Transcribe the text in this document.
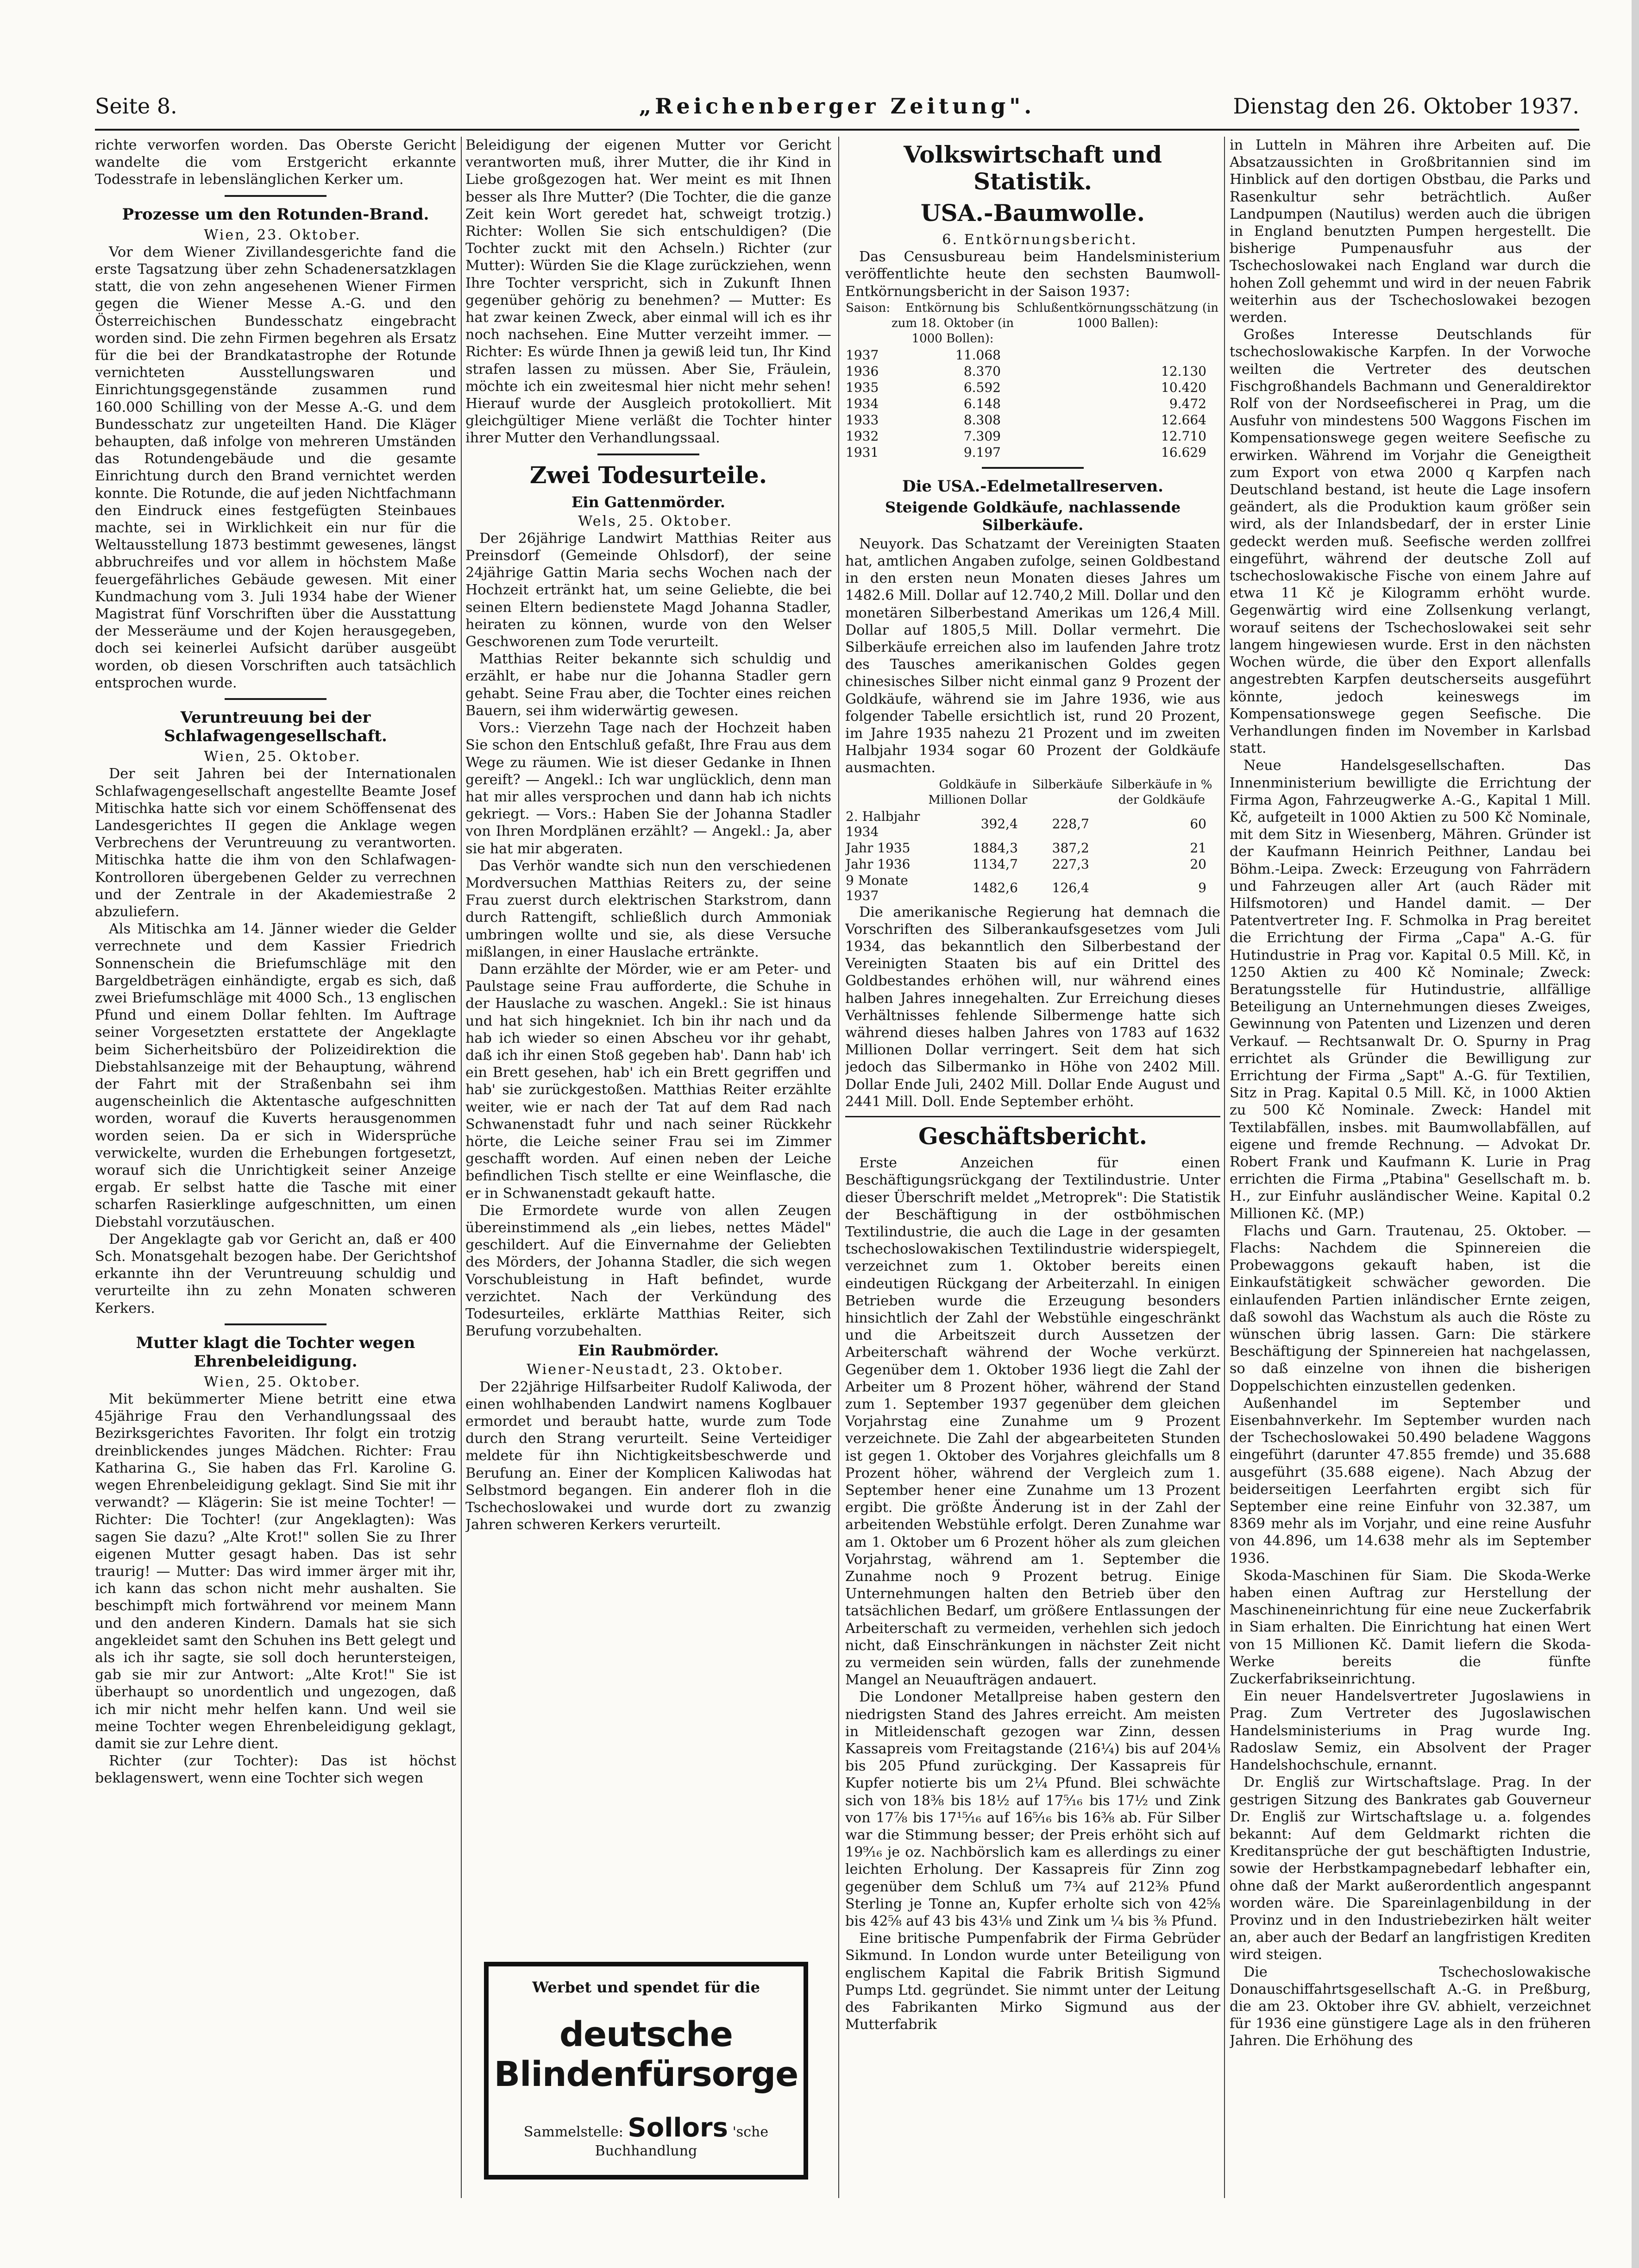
Seite 8.	„Reichenberger Zeitung".	Dienstag den 26. Oktober 1937.

richte verworfen worden. Das Oberste Gericht wandelte die vom Erstgericht erkannte Todesstrafe in lebenslänglichen Kerker um.

Prozesse um den Rotunden-Brand.

Wien, 23. Oktober.

Vor dem Wiener Zivillandesgerichte fand die erste Tagsatzung über zehn Schadenersatzklagen statt, die von zehn angesehenen Wiener Firmen gegen die Wiener Messe A.-G. und den Österreichischen Bundesschatz eingebracht worden sind. Die zehn Firmen begehren als Ersatz für die bei der Brandkatastrophe der Rotunde vernichteten Ausstellungswaren und Einrichtungsgegenstände zusammen rund 160.000 Schilling von der Messe A.-G. und dem Bundesschatz zur ungeteilten Hand. Die Kläger behaupten, daß infolge von mehreren Umständen das Rotundengebäude und die gesamte Einrichtung durch den Brand vernichtet werden konnte. Die Rotunde, die auf jeden Nichtfachmann den Eindruck eines festgefügten Steinbaues machte, sei in Wirklichkeit ein nur für die Weltausstellung 1873 bestimmt gewesenes, längst abbruchreifes und vor allem in höchstem Maße feuergefährliches Gebäude gewesen. Mit einer Kundmachung vom 3. Juli 1934 habe der Wiener Magistrat fünf Vorschriften über die Ausstattung der Messeräume und der Kojen herausgegeben, doch sei keinerlei Aufsicht darüber ausgeübt worden, ob diesen Vorschriften auch tatsächlich entsprochen wurde.

Veruntreuung bei der Schlafwagengesellschaft.

Wien, 25. Oktober.

Der seit Jahren bei der Internationalen Schlafwagengesellschaft angestellte Beamte Josef Mitischka hatte sich vor einem Schöffensenat des Landesgerichtes II gegen die Anklage wegen Verbrechens der Veruntreuung zu verantworten. Mitischka hatte die ihm von den Schlafwagen-Kontrolloren übergebenen Gelder zu verrechnen und der Zentrale in der Akademiestraße 2 abzuliefern.

Als Mitischka am 14. Jänner wieder die Gelder verrechnete und dem Kassier Friedrich Sonnenschein die Briefumschläge mit den Bargeldbeträgen einhändigte, ergab es sich, daß zwei Briefumschläge mit 4000 Sch., 13 englischen Pfund und einem Dollar fehlten. Im Auftrage seiner Vorgesetzten erstattete der Angeklagte beim Sicherheitsbüro der Polizeidirektion die Diebstahlsanzeige mit der Behauptung, während der Fahrt mit der Straßenbahn sei ihm augenscheinlich die Aktentasche aufgeschnitten worden, worauf die Kuverts herausgenommen worden seien. Da er sich in Widersprüche verwickelte, wurden die Erhebungen fortgesetzt, worauf sich die Unrichtigkeit seiner Anzeige ergab. Er selbst hatte die Tasche mit einer scharfen Rasierklinge aufgeschnitten, um einen Diebstahl vorzutäuschen.

Der Angeklagte gab vor Gericht an, daß er 400 Sch. Monatsgehalt bezogen habe. Der Gerichtshof erkannte ihn der Veruntreuung schuldig und verurteilte ihn zu zehn Monaten schweren Kerkers.

Mutter klagt die Tochter wegen Ehrenbeleidigung.

Wien, 25. Oktober.

Mit bekümmerter Miene betritt eine etwa 45jährige Frau den Verhandlungssaal des Bezirksgerichtes Favoriten. Ihr folgt ein trotzig dreinblickendes junges Mädchen. Richter: Frau Katharina G., Sie haben das Frl. Karoline G. wegen Ehrenbeleidigung geklagt. Sind Sie mit ihr verwandt? — Klägerin: Sie ist meine Tochter! — Richter: Die Tochter! (zur Angeklagten): Was sagen Sie dazu? „Alte Krot!" sollen Sie zu Ihrer eigenen Mutter gesagt haben. Das ist sehr traurig! — Mutter: Das wird immer ärger mit ihr, ich kann das schon nicht mehr aushalten. Sie beschimpft mich fortwährend vor meinem Mann und den anderen Kindern. Damals hat sie sich angekleidet samt den Schuhen ins Bett gelegt und als ich ihr sagte, sie soll doch heruntersteigen, gab sie mir zur Antwort: „Alte Krot!" Sie ist überhaupt so unordentlich und ungezogen, daß ich mir nicht mehr helfen kann. Und weil sie meine Tochter wegen Ehrenbeleidigung geklagt, damit sie zur Lehre dient.

Richter (zur Tochter): Das ist höchst beklagenswert, wenn eine Tochter sich wegen

Beleidigung der eigenen Mutter vor Gericht verantworten muß, ihrer Mutter, die ihr Kind in Liebe großgezogen hat. Wer meint es mit Ihnen besser als Ihre Mutter? (Die Tochter, die die ganze Zeit kein Wort geredet hat, schweigt trotzig.) Richter: Wollen Sie sich entschuldigen? (Die Tochter zuckt mit den Achseln.) Richter (zur Mutter): Würden Sie die Klage zurückziehen, wenn Ihre Tochter verspricht, sich in Zukunft Ihnen gegenüber gehörig zu benehmen? — Mutter: Es hat zwar keinen Zweck, aber einmal will ich es ihr noch nachsehen. Eine Mutter verzeiht immer. — Richter: Es würde Ihnen ja gewiß leid tun, Ihr Kind strafen lassen zu müssen. Aber Sie, Fräulein, möchte ich ein zweitesmal hier nicht mehr sehen! Hierauf wurde der Ausgleich protokolliert. Mit gleichgültiger Miene verläßt die Tochter hinter ihrer Mutter den Verhandlungssaal.

Zwei Todesurteile.
Ein Gattenmörder.

Wels, 25. Oktober.

Der 26jährige Landwirt Matthias Reiter aus Preinsdorf (Gemeinde Ohlsdorf), der seine 24jährige Gattin Maria sechs Wochen nach der Hochzeit ertränkt hat, um seine Geliebte, die bei seinen Eltern bedienstete Magd Johanna Stadler, heiraten zu können, wurde von den Welser Geschworenen zum Tode verurteilt.

Matthias Reiter bekannte sich schuldig und erzählt, er habe nur die Johanna Stadler gern gehabt. Seine Frau aber, die Tochter eines reichen Bauern, sei ihm widerwärtig gewesen.

Vors.: Vierzehn Tage nach der Hochzeit haben Sie schon den Entschluß gefaßt, Ihre Frau aus dem Wege zu räumen. Wie ist dieser Gedanke in Ihnen gereift? — Angekl.: Ich war unglücklich, denn man hat mir alles versprochen und dann hab ich nichts gekriegt. — Vors.: Haben Sie der Johanna Stadler von Ihren Mordplänen erzählt? — Angekl.: Ja, aber sie hat mir abgeraten.

Das Verhör wandte sich nun den verschiedenen Mordversuchen Matthias Reiters zu, der seine Frau zuerst durch elektrischen Starkstrom, dann durch Rattengift, schließlich durch Ammoniak umbringen wollte und sie, als diese Versuche mißlangen, in einer Hauslache ertränkte.

Dann erzählte der Mörder, wie er am Peter- und Paulstage seine Frau aufforderte, die Schuhe in der Hauslache zu waschen. Angekl.: Sie ist hinaus und hat sich hingekniet. Ich bin ihr nach und da hab ich wieder so einen Abscheu vor ihr gehabt, daß ich ihr einen Stoß gegeben hab'. Dann hab' ich ein Brett gesehen, hab' ich ein Brett gegriffen und hab' sie zurückgestoßen. Matthias Reiter erzählte weiter, wie er nach der Tat auf dem Rad nach Schwanenstadt fuhr und nach seiner Rückkehr hörte, die Leiche seiner Frau sei im Zimmer geschafft worden. Auf einen neben der Leiche befindlichen Tisch stellte er eine Weinflasche, die er in Schwanenstadt gekauft hatte.

Die Ermordete wurde von allen Zeugen übereinstimmend als „ein liebes, nettes Mädel" geschildert. Auf die Einvernahme der Geliebten des Mörders, der Johanna Stadler, die sich wegen Vorschubleistung in Haft befindet, wurde verzichtet. Nach der Verkündung des Todesurteiles, erklärte Matthias Reiter, sich Berufung vorzubehalten.

Ein Raubmörder.

Wiener-Neustadt, 23. Oktober.

Der 22jährige Hilfsarbeiter Rudolf Kaliwoda, der einen wohlhabenden Landwirt namens Koglbauer ermordet und beraubt hatte, wurde zum Tode durch den Strang verurteilt. Seine Verteidiger meldete für ihn Nichtigkeitsbeschwerde und Berufung an. Einer der Komplicen Kaliwodas hat Selbstmord begangen. Ein anderer floh in die Tschechoslowakei und wurde dort zu zwanzig Jahren schweren Kerkers verurteilt.

Werbet und spendet für die
deutsche Blindenfürsorge
Sammelstelle: Sollors 'sche Buchhandlung
Volkswirtschaft und Statistik.
USA.-Baumwolle.

6. Entkörnungsbericht.

Das Censusbureau beim Handelsministerium veröffentlichte heute den sechsten Baumwoll-Entkörnungsbericht in der Saison 1937:

Saison:	Entkörnung bis zum 18. Oktober (in 1000 Bollen):	Schlußentkörnungsschätzung (in 1000 Ballen):
1937	11.068	
1936	8.370	12.130
1935	6.592	10.420
1934	6.148	9.472
1933	8.308	12.664
1932	7.309	12.710
1931	9.197	16.629
Die USA.-Edelmetallreserven.
Steigende Goldkäufe, nachlassende Silberkäufe.

Neuyork. Das Schatzamt der Vereinigten Staaten hat, amtlichen Angaben zufolge, seinen Goldbestand in den ersten neun Monaten dieses Jahres um 1482.6 Mill. Dollar auf 12.740,2 Mill. Dollar und den monetären Silberbestand Amerikas um 126,4 Mill. Dollar auf 1805,5 Mill. Dollar vermehrt. Die Silberkäufe erreichen also im laufenden Jahre trotz des Tausches amerikanischen Goldes gegen chinesisches Silber nicht einmal ganz 9 Prozent der Goldkäufe, während sie im Jahre 1936, wie aus folgender Tabelle ersichtlich ist, rund 20 Prozent, im Jahre 1935 nahezu 21 Prozent und im zweiten Halbjahr 1934 sogar 60 Prozent der Goldkäufe ausmachten.

	Goldkäufe in Millionen Dollar	Silberkäufe	Silberkäufe in % der Goldkäufe
2. Halbjahr 1934	392,4	228,7	60
Jahr 1935	1884,3	387,2	21
Jahr 1936	1134,7	227,3	20
9 Monate 1937	1482,6	126,4	9

Die amerikanische Regierung hat demnach die Vorschriften des Silberankaufsgesetzes vom Juli 1934, das bekanntlich den Silberbestand der Vereinigten Staaten bis auf ein Drittel des Goldbestandes erhöhen will, nur während eines halben Jahres innegehalten. Zur Erreichung dieses Verhältnisses fehlende Silbermenge hatte sich während dieses halben Jahres von 1783 auf 1632 Millionen Dollar verringert. Seit dem hat sich jedoch das Silbermanko in Höhe von 2402 Mill. Dollar Ende Juli, 2402 Mill. Dollar Ende August und 2441 Mill. Doll. Ende September erhöht.

Geschäftsbericht.

Erste Anzeichen für einen Beschäftigungsrückgang der Textilindustrie. Unter dieser Überschrift meldet „Metroprek": Die Statistik der Beschäftigung in der ostböhmischen Textilindustrie, die auch die Lage in der gesamten tschechoslowakischen Textilindustrie widerspiegelt, verzeichnet zum 1. Oktober bereits einen eindeutigen Rückgang der Arbeiterzahl. In einigen Betrieben wurde die Erzeugung besonders hinsichtlich der Zahl der Webstühle eingeschränkt und die Arbeitszeit durch Aussetzen der Arbeiterschaft während der Woche verkürzt. Gegenüber dem 1. Oktober 1936 liegt die Zahl der Arbeiter um 8 Prozent höher, während der Stand zum 1. September 1937 gegenüber dem gleichen Vorjahrstag eine Zunahme um 9 Prozent verzeichnete. Die Zahl der abgearbeiteten Stunden ist gegen 1. Oktober des Vorjahres gleichfalls um 8 Prozent höher, während der Vergleich zum 1. September hener eine Zunahme um 13 Prozent ergibt. Die größte Änderung ist in der Zahl der arbeitenden Webstühle erfolgt. Deren Zunahme war am 1. Oktober um 6 Prozent höher als zum gleichen Vorjahrstag, während am 1. September die Zunahme noch 9 Prozent betrug. Einige Unternehmungen halten den Betrieb über den tatsächlichen Bedarf, um größere Entlassungen der Arbeiterschaft zu vermeiden, verhehlen sich jedoch nicht, daß Einschränkungen in nächster Zeit nicht zu vermeiden sein würden, falls der zunehmende Mangel an Neuaufträgen andauert.

Die Londoner Metallpreise haben gestern den niedrigsten Stand des Jahres erreicht. Am meisten in Mitleidenschaft gezogen war Zinn, dessen Kassapreis vom Freitagstande (216¼) bis auf 204⅛ bis 205 Pfund zurückging. Der Kassapreis für Kupfer notierte bis um 2¼ Pfund. Blei schwächte sich von 18⅜ bis 18½ auf 17⁵⁄₁₆ bis 17½ und Zink von 17⅞ bis 17¹⁵⁄₁₆ auf 16⁵⁄₁₆ bis 16⅜ ab. Für Silber war die Stimmung besser; der Preis erhöht sich auf 19⁹⁄₁₆ je oz. Nachbörslich kam es allerdings zu einer leichten Erholung. Der Kassapreis für Zinn zog gegenüber dem Schluß um 7¾ auf 212⅜ Pfund Sterling je Tonne an, Kupfer erholte sich von 42⅝ bis 42⅝ auf 43 bis 43⅛ und Zink um ¼ bis ⅜ Pfund.

Eine britische Pumpenfabrik der Firma Gebrüder Sikmund. In London wurde unter Beteiligung von englischem Kapital die Fabrik British Sigmund Pumps Ltd. gegründet. Sie nimmt unter der Leitung des Fabrikanten Mirko Sigmund aus der Mutterfabrik

in Lutteln in Mähren ihre Arbeiten auf. Die Absatzaussichten in Großbritannien sind im Hinblick auf den dortigen Obstbau, die Parks und Rasenkultur sehr beträchtlich. Außer Landpumpen (Nautilus) werden auch die übrigen in England benutzten Pumpen hergestellt. Die bisherige Pumpenausfuhr aus der Tschechoslowakei nach England war durch die hohen Zoll gehemmt und wird in der neuen Fabrik weiterhin aus der Tschechoslowakei bezogen werden.

Großes Interesse Deutschlands für tschechoslowakische Karpfen. In der Vorwoche weilten die Vertreter des deutschen Fischgroßhandels Bachmann und Generaldirektor Rolf von der Nordseefischerei in Prag, um die Ausfuhr von mindestens 500 Waggons Fischen im Kompensationswege gegen weitere Seefische zu erwirken. Während im Vorjahr die Geneigtheit zum Export von etwa 2000 q Karpfen nach Deutschland bestand, ist heute die Lage insofern geändert, als die Produktion kaum größer sein wird, als der Inlandsbedarf, der in erster Linie gedeckt werden muß. Seefische werden zollfrei eingeführt, während der deutsche Zoll auf tschechoslowakische Fische von einem Jahre auf etwa 11 Kč je Kilogramm erhöht wurde. Gegenwärtig wird eine Zollsenkung verlangt, worauf seitens der Tschechoslowakei seit sehr langem hingewiesen wurde. Erst in den nächsten Wochen würde, die über den Export allenfalls angestrebten Karpfen deutscherseits ausgeführt könnte, jedoch keineswegs im Kompensationswege gegen Seefische. Die Verhandlungen finden im November in Karlsbad statt.

Neue Handelsgesellschaften. Das Innenministerium bewilligte die Errichtung der Firma Agon, Fahrzeugwerke A.-G., Kapital 1 Mill. Kč, aufgeteilt in 1000 Aktien zu 500 Kč Nominale, mit dem Sitz in Wiesenberg, Mähren. Gründer ist der Kaufmann Heinrich Peithner, Landau bei Böhm.-Leipa. Zweck: Erzeugung von Fahrrädern und Fahrzeugen aller Art (auch Räder mit Hilfsmotoren) und Handel damit. — Der Patentvertreter Ing. F. Schmolka in Prag bereitet die Errichtung der Firma „Capa" A.-G. für Hutindustrie in Prag vor. Kapital 0.5 Mill. Kč, in 1250 Aktien zu 400 Kč Nominale; Zweck: Beratungsstelle für Hutindustrie, allfällige Beteiligung an Unternehmungen dieses Zweiges, Gewinnung von Patenten und Lizenzen und deren Verkauf. — Rechtsanwalt Dr. O. Spurny in Prag errichtet als Gründer die Bewilligung zur Errichtung der Firma „Sapt" A.-G. für Textilien, Sitz in Prag. Kapital 0.5 Mill. Kč, in 1000 Aktien zu 500 Kč Nominale. Zweck: Handel mit Textilabfällen, insbes. mit Baumwollabfällen, auf eigene und fremde Rechnung. — Advokat Dr. Robert Frank und Kaufmann K. Lurie in Prag errichten die Firma „Ptabina" Gesellschaft m. b. H., zur Einfuhr ausländischer Weine. Kapital 0.2 Millionen Kč. (MP.)

Flachs und Garn. Trautenau, 25. Oktober. — Flachs: Nachdem die Spinnereien die Probewaggons gekauft haben, ist die Einkaufstätigkeit schwächer geworden. Die einlaufenden Partien inländischer Ernte zeigen, daß sowohl das Wachstum als auch die Röste zu wünschen übrig lassen. Garn: Die stärkere Beschäftigung der Spinnereien hat nachgelassen, so daß einzelne von ihnen die bisherigen Doppelschichten einzustellen gedenken.

Außenhandel im September und Eisenbahnverkehr. Im September wurden nach der Tschechoslowakei 50.490 beladene Waggons eingeführt (darunter 47.855 fremde) und 35.688 ausgeführt (35.688 eigene). Nach Abzug der beiderseitigen Leerfahrten ergibt sich für September eine reine Einfuhr von 32.387, um 8369 mehr als im Vorjahr, und eine reine Ausfuhr von 44.896, um 14.638 mehr als im September 1936.

Skoda-Maschinen für Siam. Die Skoda-Werke haben einen Auftrag zur Herstellung der Maschineneinrichtung für eine neue Zuckerfabrik in Siam erhalten. Die Einrichtung hat einen Wert von 15 Millionen Kč. Damit liefern die Skoda-Werke bereits die fünfte Zuckerfabrikseinrichtung.

Ein neuer Handelsvertreter Jugoslawiens in Prag. Zum Vertreter des Jugoslawischen Handelsministeriums in Prag wurde Ing. Radoslaw Semiz, ein Absolvent der Prager Handelshochschule, ernannt.

Dr. Engliš zur Wirtschaftslage. Prag. In der gestrigen Sitzung des Bankrates gab Gouverneur Dr. Engliš zur Wirtschaftslage u. a. folgendes bekannt: Auf dem Geldmarkt richten die Kreditansprüche der gut beschäftigten Industrie, sowie der Herbstkampagnebedarf lebhafter ein, ohne daß der Markt außerordentlich angespannt worden wäre. Die Spareinlagenbildung in der Provinz und in den Industriebezirken hält weiter an, aber auch der Bedarf an langfristigen Krediten wird steigen.

Die Tschechoslowakische Donauschiffahrtsgesellschaft A.-G. in Preßburg, die am 23. Oktober ihre GV. abhielt, verzeichnet für 1936 eine günstigere Lage als in den früheren Jahren. Die Erhöhung des
